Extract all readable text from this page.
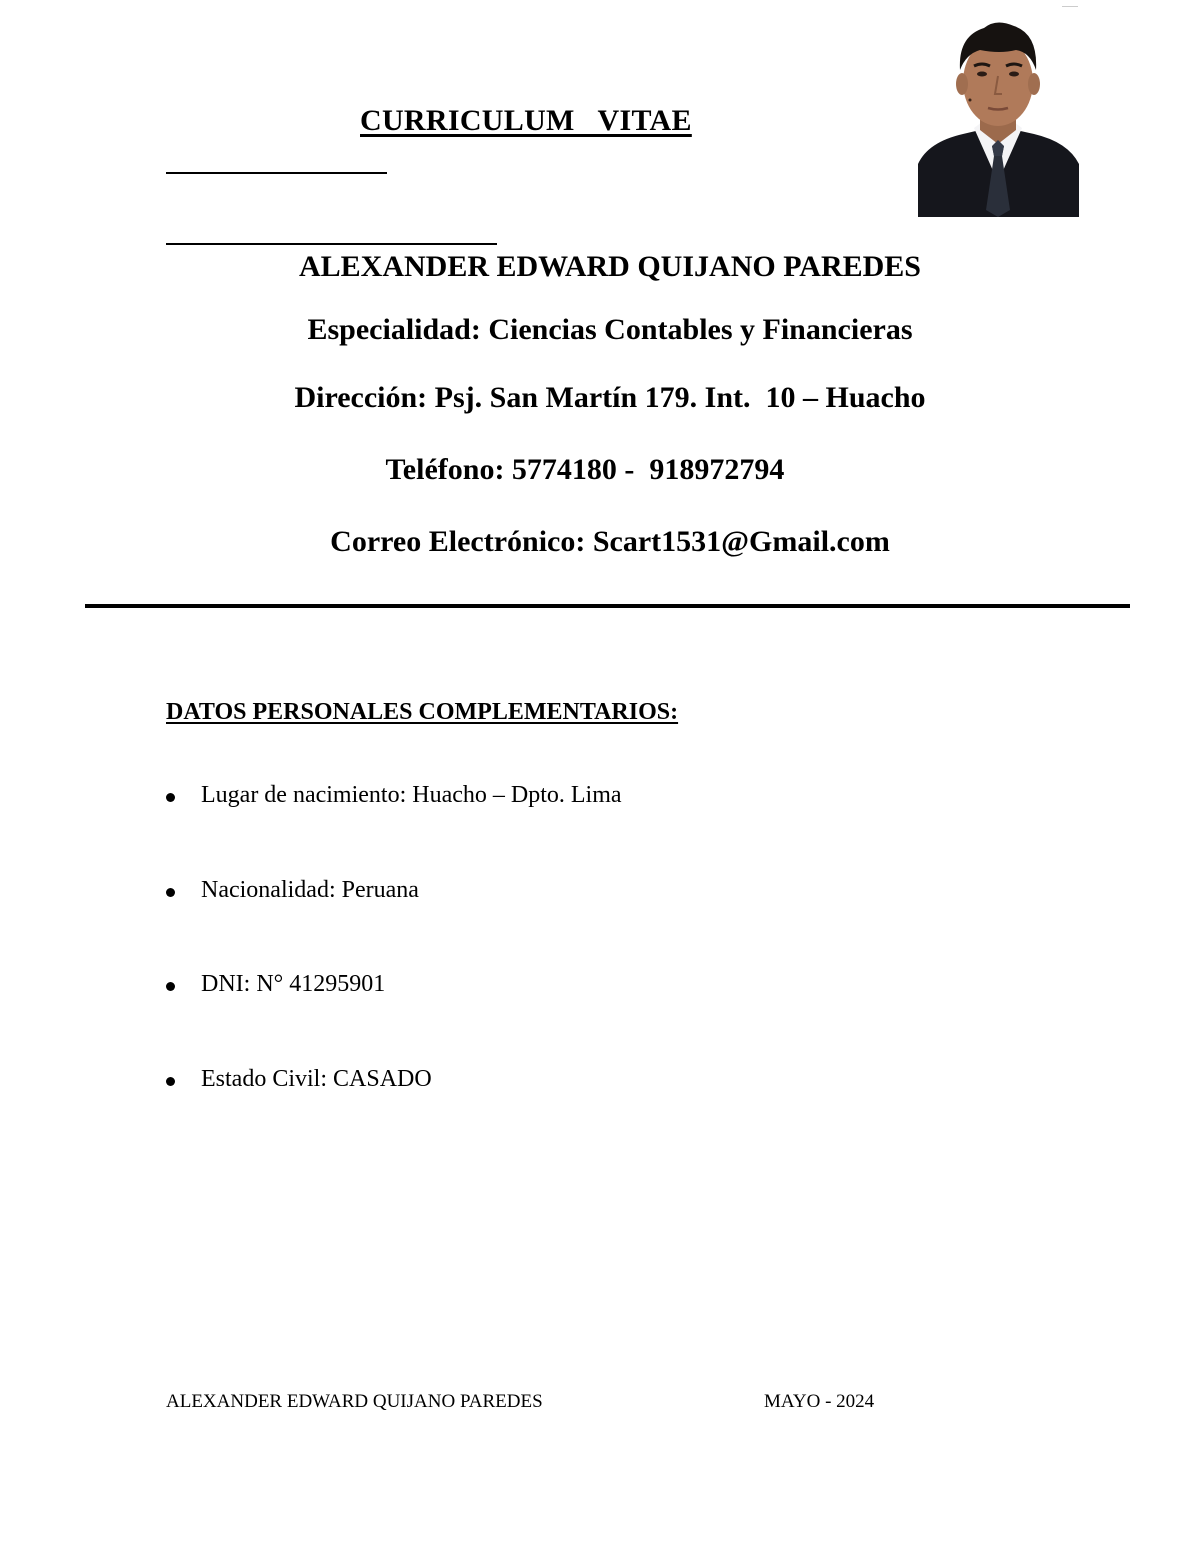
CURRICULUM   VITAE
ALEXANDER EDWARD QUIJANO PAREDES
Especialidad: Ciencias Contables y Financieras
Dirección: Psj. San Martín 179. Int.  10 – Huacho
Teléfono: 5774180 -  918972794
Correo Electrónico: Scart1531@Gmail.com
DATOS PERSONALES COMPLEMENTARIOS:

Lugar de nacimiento: Huacho – Dpto. Lima

Nacionalidad: Peruana

DNI: N° 41295901

Estado Civil: CASADO

ALEXANDER EDWARD QUIJANO PAREDES	MAYO - 2024
